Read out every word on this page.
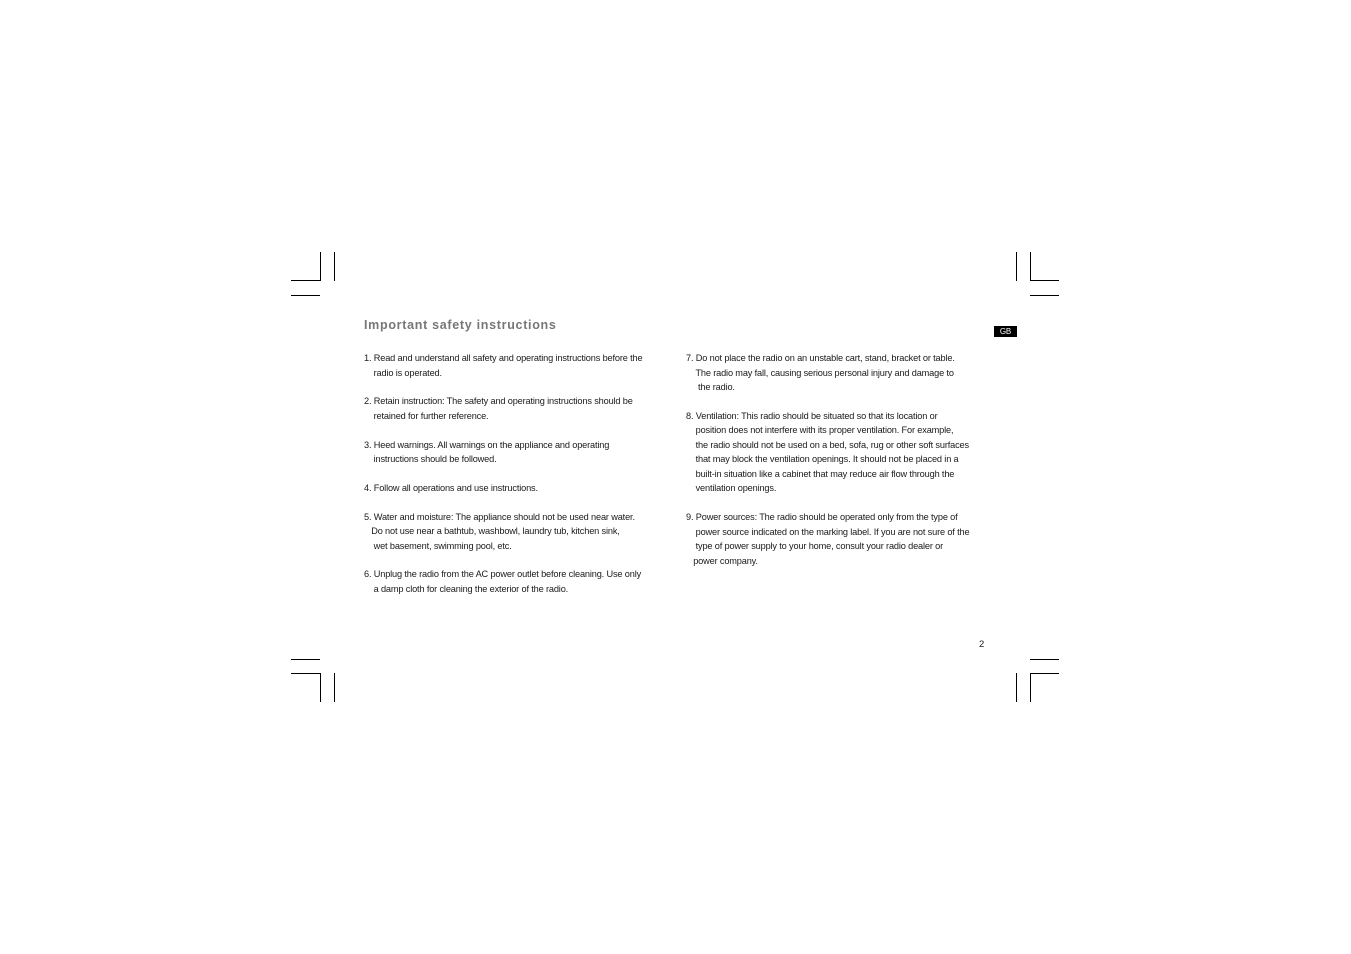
Important safety instructions	GB

1. Read and understand all safety and operating instructions before the
radio is operated.

2. Retain instruction: The safety and operating instructions should be
retained for further reference.

3. Heed warnings. All warnings on the appliance and operating
instructions should be followed.

4. Follow all operations and use instructions.

5. Water and moisture: The appliance should not be used near water.
Do not use near a bathtub, washbowl, laundry tub, kitchen sink,
wet basement, swimming pool, etc.

6. Unplug the radio from the AC power outlet before cleaning. Use only
a damp cloth for cleaning the exterior of the radio.

7. Do not place the radio on an unstable cart, stand, bracket or table.
The radio may fall, causing serious personal injury and damage to
the radio.

8. Ventilation: This radio should be situated so that its location or
position does not interfere with its proper ventilation. For example,
the radio should not be used on a bed, sofa, rug or other soft surfaces
that may block the ventilation openings. It should not be placed in a
built-in situation like a cabinet that may reduce air flow through the
ventilation openings.

9. Power sources: The radio should be operated only from the type of
power source indicated on the marking label. If you are not sure of the
type of power supply to your home, consult your radio dealer or
power company.

2
